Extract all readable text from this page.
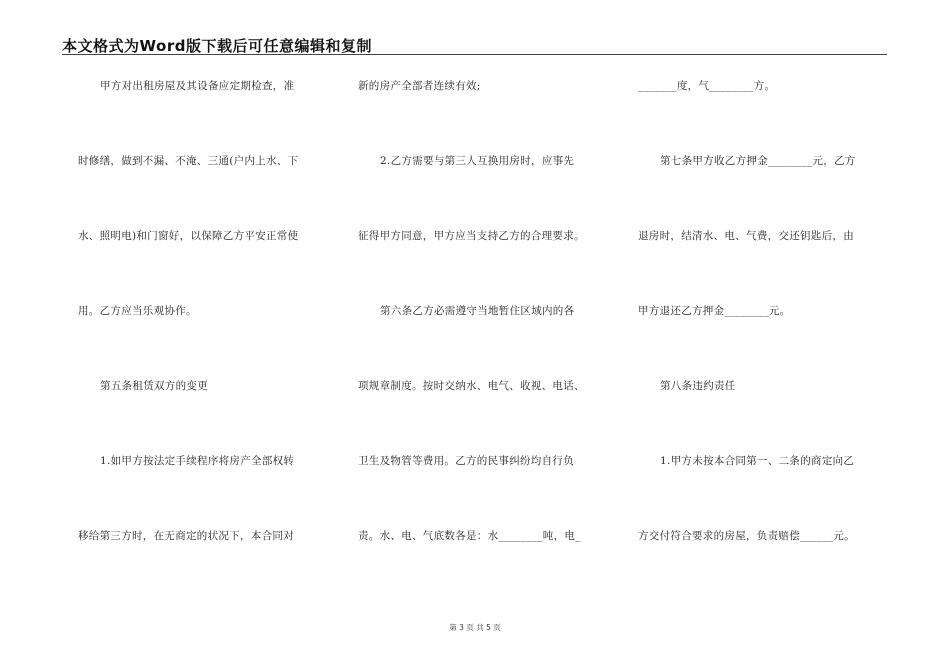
本文格式为Word版下载后可任意编辑和复制
甲方对出租房屋及其设备应定期检查，准
时修缮，做到不漏、不淹、三通(户内上水、下
水、照明电)和门窗好，以保障乙方平安正常使
用。乙方应当乐观协作。
第五条租赁双方的变更
1.如甲方按法定手续程序将房产全部权转
移给第三方时，在无商定的状况下，本合同对
新的房产全部者连续有效;
2.乙方需要与第三人互换用房时，应事先
征得甲方同意，甲方应当支持乙方的合理要求。
第六条乙方必需遵守当地暂住区域内的各
项规章制度。按时交纳水、电气、收视、电话、
卫生及物管等费用。乙方的民事纠纷均自行负
责。水、电、气底数各是：水________吨，电_
_______度，气________方。
第七条甲方收乙方押金________元，乙方
退房时，结清水、电、气费，交还钥匙后，由
甲方退还乙方押金________元。
第八条违约责任
1.甲方未按本合同第一、二条的商定向乙
方交付符合要求的房屋，负责赔偿______元。
第 3 页 共 5 页
